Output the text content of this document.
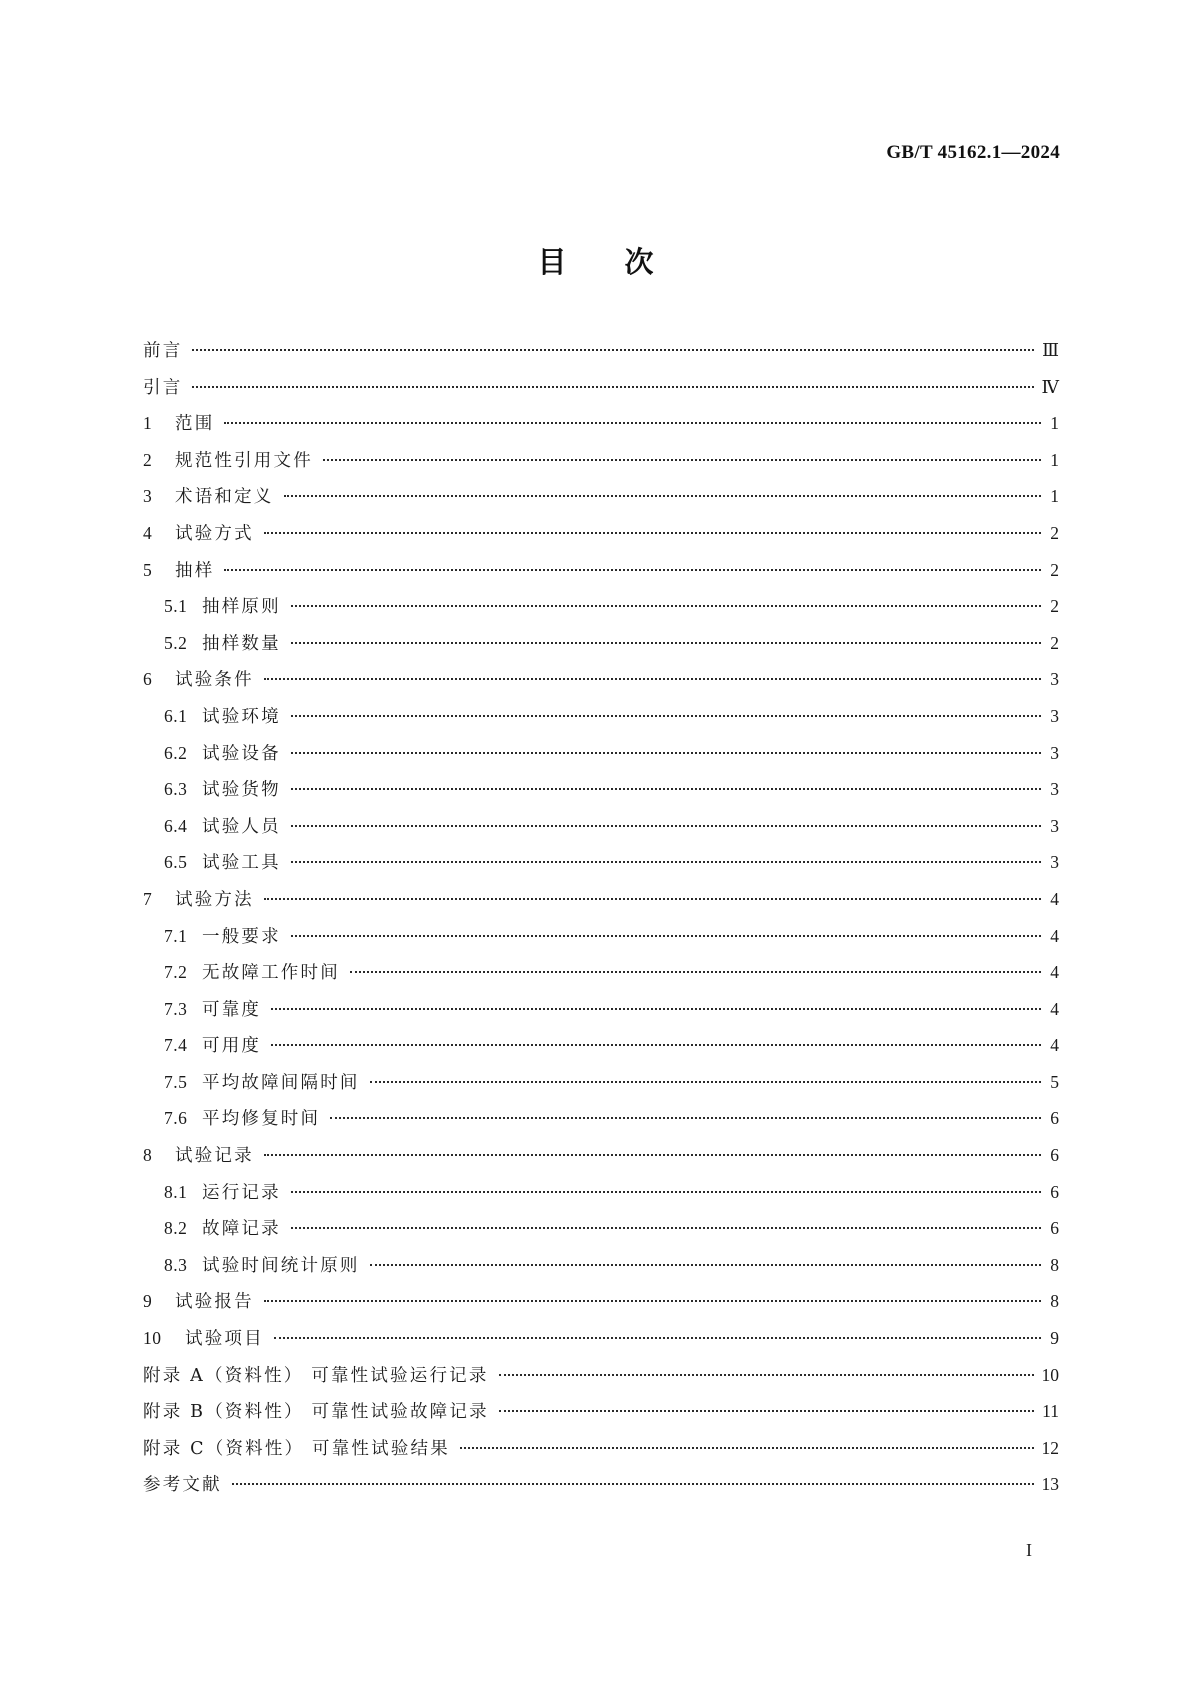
GB/T 45162.1—2024
目次
前言	Ⅲ
引言	Ⅳ
1	范围	1
2	规范性引用文件	1
3	术语和定义	1
4	试验方式	2
5	抽样	2
5.1 抽样原则	2
5.2 抽样数量	2
6	试验条件	3
6.1 试验环境	3
6.2 试验设备	3
6.3 试验货物	3
6.4 试验人员	3
6.5 试验工具	3
7	试验方法	4
7.1 一般要求	4
7.2 无故障工作时间	4
7.3 可靠度	4
7.4 可用度	4
7.5 平均故障间隔时间	5
7.6 平均修复时间	6
8	试验记录	6
8.1 运行记录	6
8.2 故障记录	6
8.3 试验时间统计原则	8
9	试验报告	8
10	试验项目	9
附录 A（资料性） 可靠性试验运行记录	10
附录 B（资料性） 可靠性试验故障记录	11
附录 C（资料性） 可靠性试验结果	12
参考文献	13
I
